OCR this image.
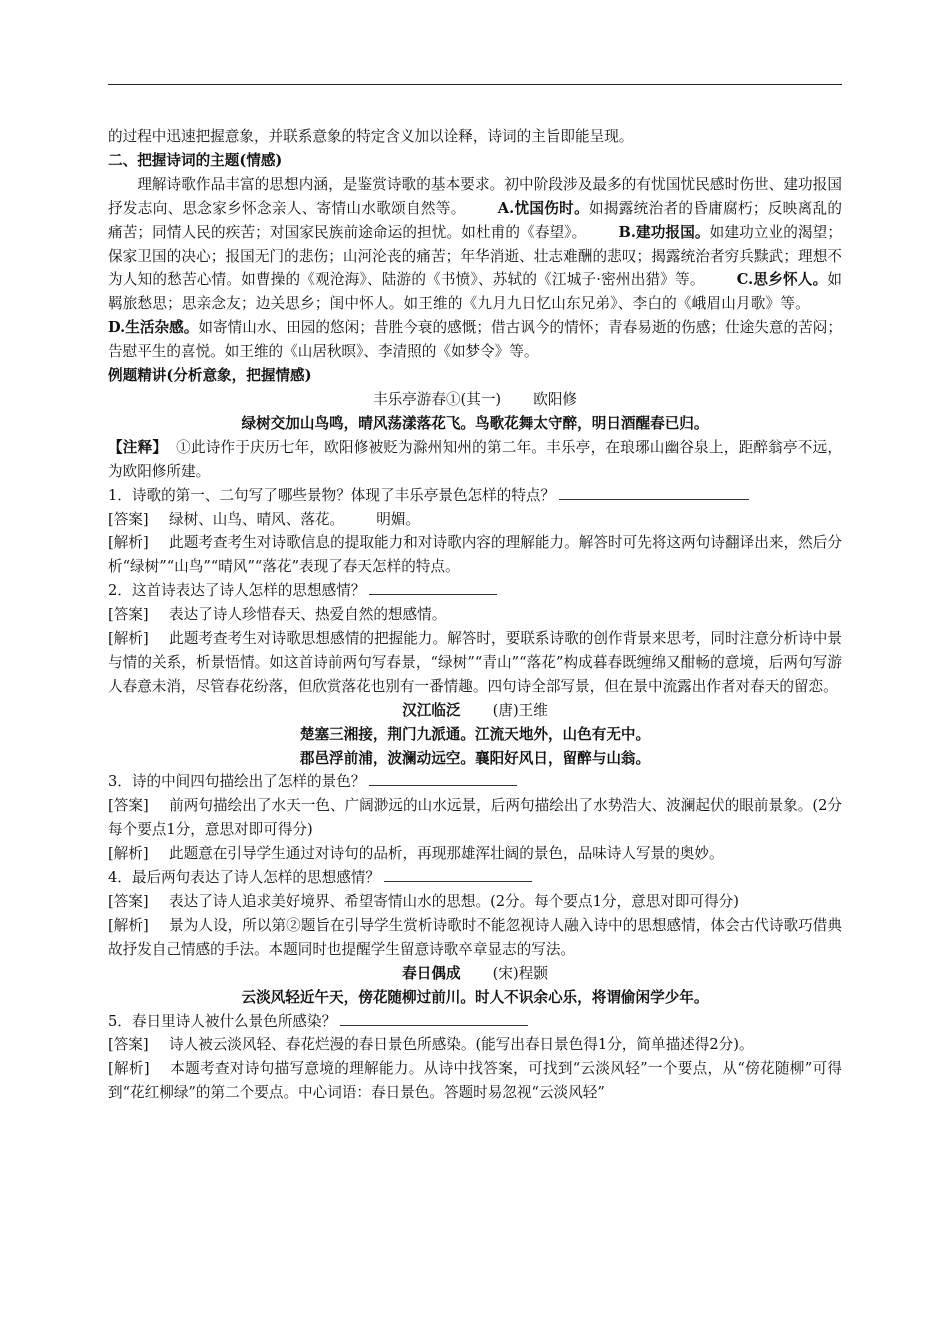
的过程中迅速把握意象，并联系意象的特定含义加以诠释，诗词的主旨即能呈现。

二、把握诗词的主题(情感)

理解诗歌作品丰富的思想内涵，是鉴赏诗歌的基本要求。初中阶段涉及最多的有忧国忧民感时伤世、建功报国抒发志向、思念家乡怀念亲人、寄情山水歌颂自然等。 A.忧国伤时。如揭露统治者的昏庸腐朽；反映离乱的痛苦；同情人民的疾苦；对国家民族前途命运的担忧。如杜甫的《春望》。 B.建功报国。如建功立业的渴望；保家卫国的决心；报国无门的悲伤；山河沦丧的痛苦；年华消逝、壮志难酬的悲叹；揭露统治者穷兵黩武；理想不为人知的愁苦心情。如曹操的《观沧海》、陆游的《书愤》、苏轼的《江城子·密州出猎》等。 C.思乡怀人。如羁旅愁思；思亲念友；边关思乡；闺中怀人。如王维的《九月九日忆山东兄弟》、李白的《峨眉山月歌》等。D.生活杂感。如寄情山水、田园的悠闲；昔胜今衰的感慨；借古讽今的情怀；青春易逝的伤感；仕途失意的苦闷；告慰平生的喜悦。如王维的《山居秋暝》、李清照的《如梦令》等。

例题精讲(分析意象，把握情感)

丰乐亭游春①(其一) 欧阳修

绿树交加山鸟鸣，晴风荡漾落花飞。鸟歌花舞太守醉，明日酒醒春已归。

【注释】 ①此诗作于庆历七年，欧阳修被贬为滁州知州的第二年。丰乐亭，在琅琊山幽谷泉上，距醉翁亭不远，为欧阳修所建。

1．诗歌的第一、二句写了哪些景物？体现了丰乐亭景色怎样的特点？

[答案] 绿树、山鸟、晴风、落花。 明媚。

[解析] 此题考查考生对诗歌信息的提取能力和对诗歌内容的理解能力。解答时可先将这两句诗翻译出来，然后分析“绿树”“山鸟”“晴风”“落花”表现了春天怎样的特点。

2．这首诗表达了诗人怎样的思想感情？

[答案] 表达了诗人珍惜春天、热爱自然的想感情。

[解析] 此题考查考生对诗歌思想感情的把握能力。解答时，要联系诗歌的创作背景来思考，同时注意分析诗中景与情的关系，析景悟情。如这首诗前两句写春景，“绿树”“青山”“落花”构成暮春既缠绵又酣畅的意境，后两句写游人春意未消，尽管春花纷落，但欣赏落花也别有一番情趣。四句诗全部写景，但在景中流露出作者对春天的留恋。

汉江临泛 (唐)王维

楚塞三湘接，荆门九派通。江流天地外，山色有无中。

郡邑浮前浦，波澜动远空。襄阳好风日，留醉与山翁。

3．诗的中间四句描绘出了怎样的景色？

[答案] 前两句描绘出了水天一色、广阔渺远的山水远景，后两句描绘出了水势浩大、波澜起伏的眼前景象。(2分每个要点1分，意思对即可得分)

[解析] 此题意在引导学生通过对诗句的品析，再现那雄浑壮阔的景色，品味诗人写景的奥妙。

4．最后两句表达了诗人怎样的思想感情？

[答案] 表达了诗人追求美好境界、希望寄情山水的思想。(2分。每个要点1分，意思对即可得分)

[解析] 景为人设，所以第②题旨在引导学生赏析诗歌时不能忽视诗人融入诗中的思想感情，体会古代诗歌巧借典故抒发自己情感的手法。本题同时也提醒学生留意诗歌卒章显志的写法。

春日偶成 (宋)程颢

云淡风轻近午天，傍花随柳过前川。时人不识余心乐，将谓偷闲学少年。

5．春日里诗人被什么景色所感染？

[答案] 诗人被云淡风轻、春花烂漫的春日景色所感染。(能写出春日景色得1分，简单描述得2分)。

[解析] 本题考查对诗句描写意境的理解能力。从诗中找答案，可找到“云淡风轻”一个要点，从“傍花随柳”可得到“花红柳绿”的第二个要点。中心词语：春日景色。答题时易忽视“云淡风轻”
